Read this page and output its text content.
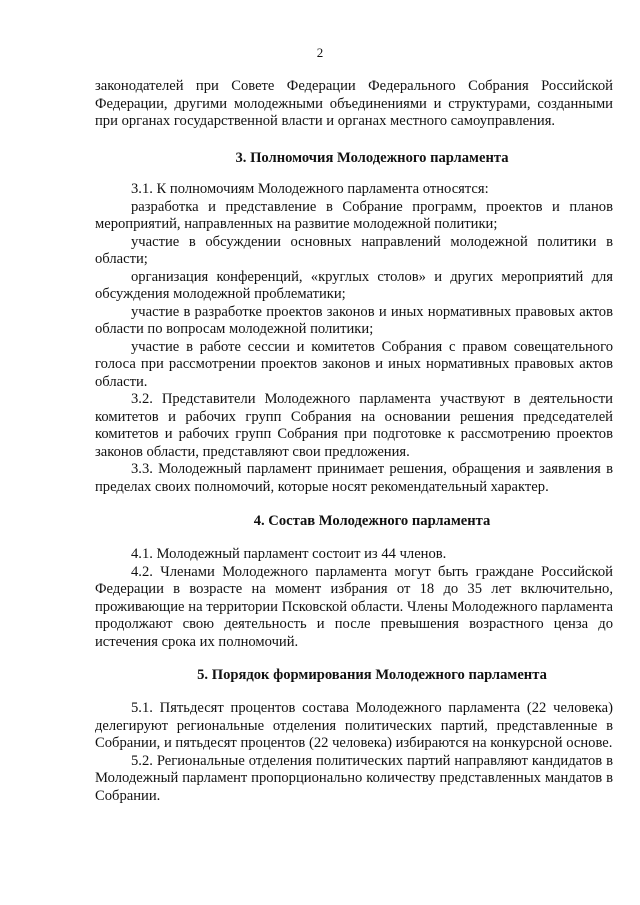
2

законодателей при Совете Федерации Федерального Собрания Российской Федерации, другими молодежными объединениями и структурами, созданными при органах государственной власти и органах местного самоуправления.

3. Полномочия Молодежного парламента

3.1. К полномочиям Молодежного парламента относятся:

разработка и представление в Собрание программ, проектов и планов мероприятий, направленных на развитие молодежной политики;

участие в обсуждении основных направлений молодежной политики в области;

организация конференций, «круглых столов» и других мероприятий для обсуждения молодежной проблематики;

участие в разработке проектов законов и иных нормативных правовых актов области по вопросам молодежной политики;

участие в работе сессии и комитетов Собрания с правом совещательного голоса при рассмотрении проектов законов и иных нормативных правовых актов области.

3.2. Представители Молодежного парламента участвуют в деятельности комитетов и рабочих групп Собрания на основании решения председателей комитетов и рабочих групп Собрания при подготовке к рассмотрению проектов законов области, представляют свои предложения.

3.3. Молодежный парламент принимает решения, обращения и заявления в пределах своих полномочий, которые носят рекомендательный характер.

4. Состав Молодежного парламента

4.1. Молодежный парламент состоит из 44 членов.

4.2. Членами Молодежного парламента могут быть граждане Российской Федерации в возрасте на момент избрания от 18 до 35 лет включительно, проживающие на территории Псковской области. Члены Молодежного парламента продолжают свою деятельность и после превышения возрастного ценза до истечения срока их полномочий.

5. Порядок формирования Молодежного парламента

5.1. Пятьдесят процентов состава Молодежного парламента (22 человека) делегируют региональные отделения политических партий, представленные в Собрании, и пятьдесят процентов (22 человека) избираются на конкурсной основе.

5.2. Региональные отделения политических партий направляют кандидатов в Молодежный парламент пропорционально количеству представленных мандатов в Собрании.
